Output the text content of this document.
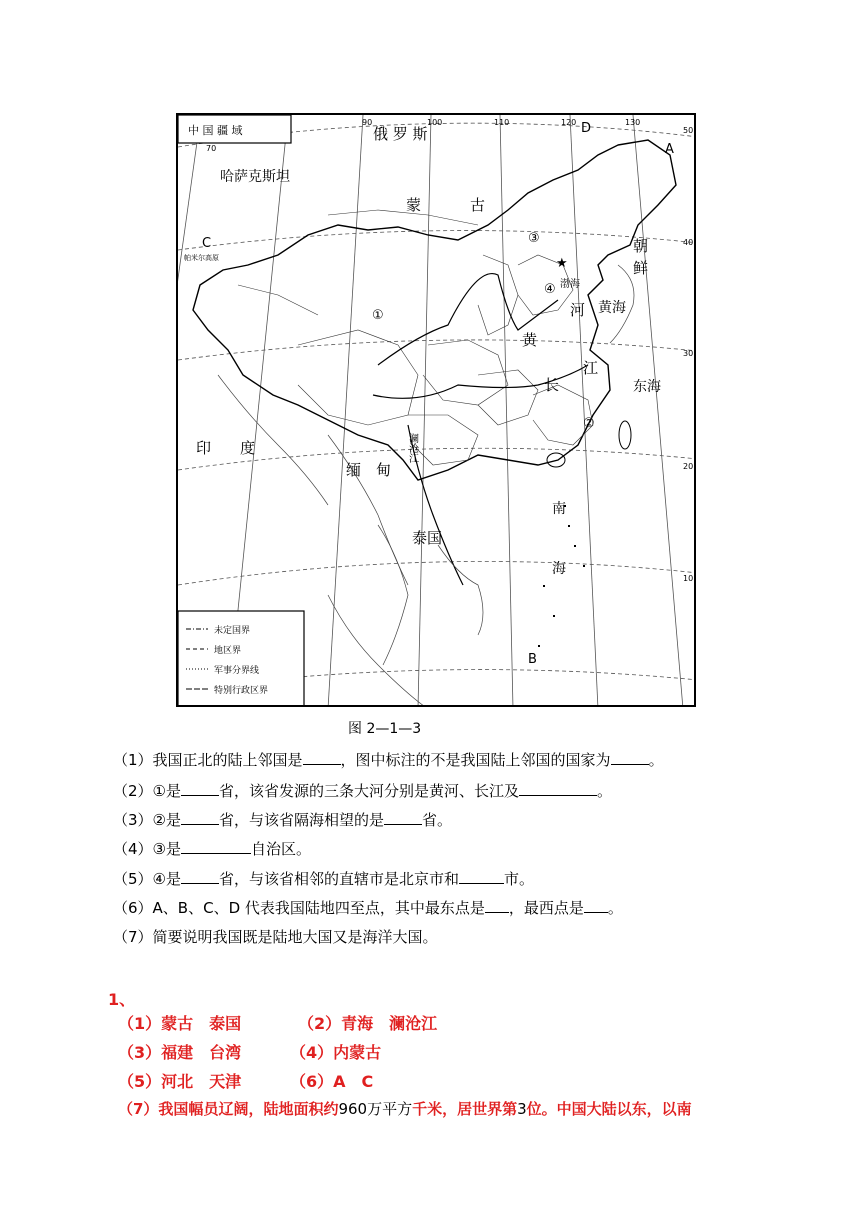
★
中 国 疆 域	俄 罗 斯
哈萨克斯坦
蒙	古
朝
鲜
印 度
缅 甸
泰国
渤海
黄海
东海
南
海
澜沧江
黄
河
长
江
①
②
③
④
A
B
C
D
帕米尔高原
70
90	100	110	120	130
50
40
30
20
10
未定国界
地区界
军事分界线
特别行政区界
图 2—1—3
（1）我国正北的陆上邻国是	，图中标注的不是我国陆上邻国的国家为	。
（2）①是	省，该省发源的三条大河分别是黄河、长江及	。
（3）②是	省，与该省隔海相望的是	省。
（4）③是	自治区。
（5）④是	省，与该省相邻的直辖市是北京市和	市。
（6）A、B、C、D 代表我国陆地四至点，其中最东点是 ，最西点是 。
（7）简要说明我国既是陆地大国又是海洋大国。
1、
（1）蒙古　泰国	（2）青海　澜沧江
（3）福建　台湾	（4）内蒙古
（5）河北　天津	（6）A　C
（7）我国幅员辽阔，陆地面积约960万平方千米，居世界第3位。中国大陆以东，以南
